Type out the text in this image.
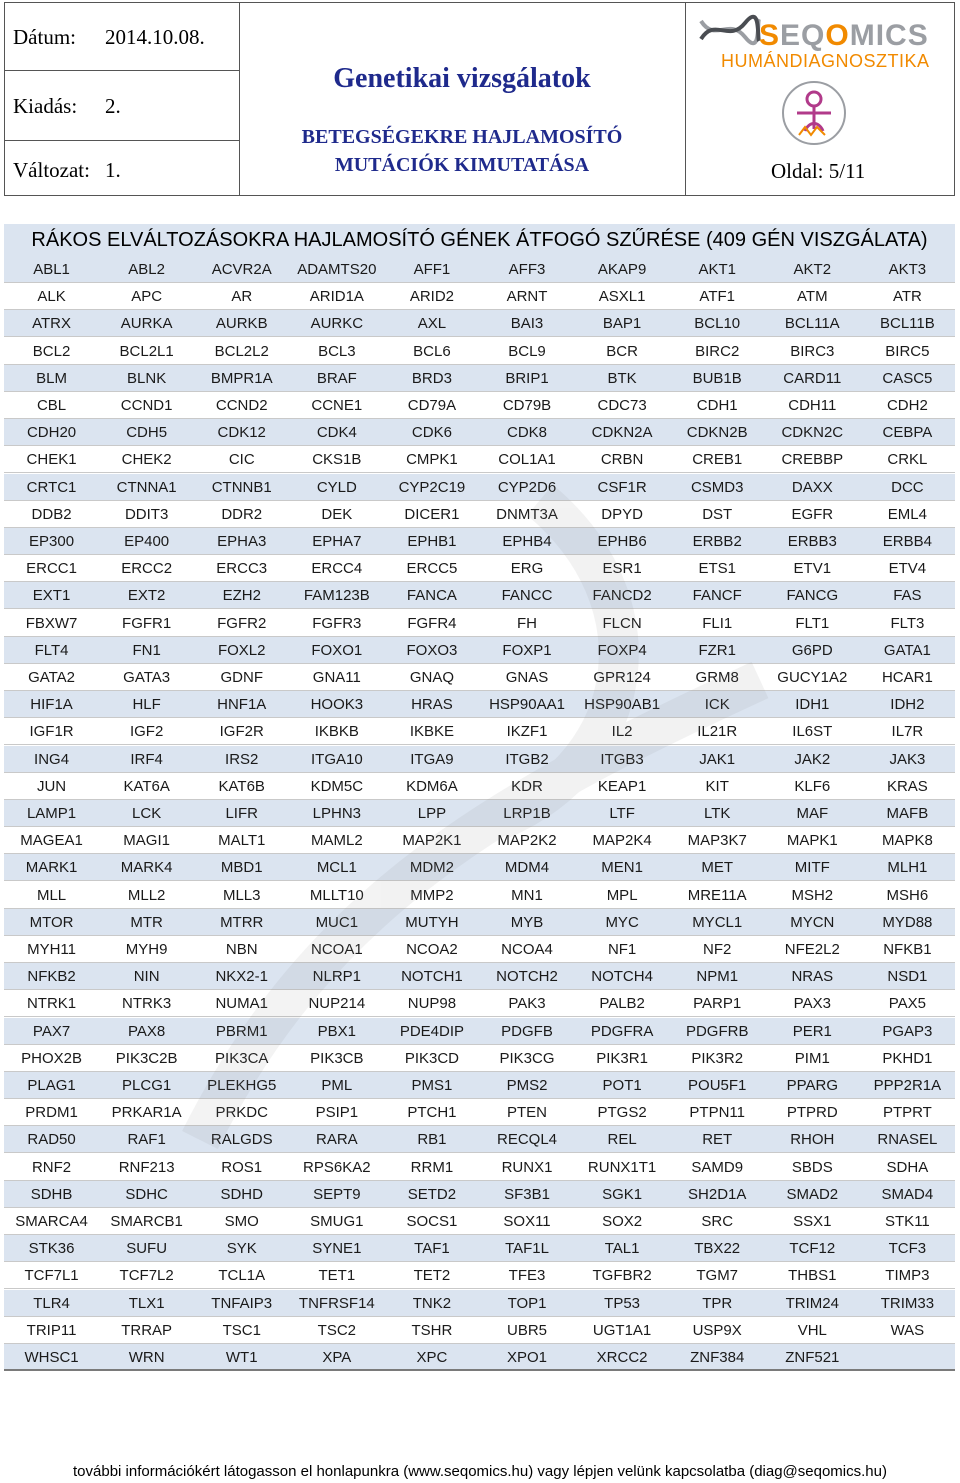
Dátum: 2014.10.08.
Kiadás: 2.
Változat: 1.
Genetikai vizsgálatok
BETEGSÉGEKRE HAJLAMOSÍTÓ
MUTÁCIÓK KIMUTATÁSA
SEQOMICS
HUMÁNDIAGNOSZTIKA
Oldal: 5/11
RÁKOS ELVÁLTOZÁSOKRA HAJLAMOSÍTÓ GÉNEK ÁTFOGÓ SZŰRÉSE (409 GÉN VISZGÁLATA)
ABL1	ABL2	ACVR2A	ADAMTS20	AFF1	AFF3	AKAP9	AKT1	AKT2	AKT3
ALK	APC	AR	ARID1A	ARID2	ARNT	ASXL1	ATF1	ATM	ATR
ATRX	AURKA	AURKB	AURKC	AXL	BAI3	BAP1	BCL10	BCL11A	BCL11B
BCL2	BCL2L1	BCL2L2	BCL3	BCL6	BCL9	BCR	BIRC2	BIRC3	BIRC5
BLM	BLNK	BMPR1A	BRAF	BRD3	BRIP1	BTK	BUB1B	CARD11	CASC5
CBL	CCND1	CCND2	CCNE1	CD79A	CD79B	CDC73	CDH1	CDH11	CDH2
CDH20	CDH5	CDK12	CDK4	CDK6	CDK8	CDKN2A	CDKN2B	CDKN2C	CEBPA
CHEK1	CHEK2	CIC	CKS1B	CMPK1	COL1A1	CRBN	CREB1	CREBBP	CRKL
CRTC1	CTNNA1	CTNNB1	CYLD	CYP2C19	CYP2D6	CSF1R	CSMD3	DAXX	DCC
DDB2	DDIT3	DDR2	DEK	DICER1	DNMT3A	DPYD	DST	EGFR	EML4
EP300	EP400	EPHA3	EPHA7	EPHB1	EPHB4	EPHB6	ERBB2	ERBB3	ERBB4
ERCC1	ERCC2	ERCC3	ERCC4	ERCC5	ERG	ESR1	ETS1	ETV1	ETV4
EXT1	EXT2	EZH2	FAM123B	FANCA	FANCC	FANCD2	FANCF	FANCG	FAS
FBXW7	FGFR1	FGFR2	FGFR3	FGFR4	FH	FLCN	FLI1	FLT1	FLT3
FLT4	FN1	FOXL2	FOXO1	FOXO3	FOXP1	FOXP4	FZR1	G6PD	GATA1
GATA2	GATA3	GDNF	GNA11	GNAQ	GNAS	GPR124	GRM8	GUCY1A2	HCAR1
HIF1A	HLF	HNF1A	HOOK3	HRAS	HSP90AA1	HSP90AB1	ICK	IDH1	IDH2
IGF1R	IGF2	IGF2R	IKBKB	IKBKE	IKZF1	IL2	IL21R	IL6ST	IL7R
ING4	IRF4	IRS2	ITGA10	ITGA9	ITGB2	ITGB3	JAK1	JAK2	JAK3
JUN	KAT6A	KAT6B	KDM5C	KDM6A	KDR	KEAP1	KIT	KLF6	KRAS
LAMP1	LCK	LIFR	LPHN3	LPP	LRP1B	LTF	LTK	MAF	MAFB
MAGEA1	MAGI1	MALT1	MAML2	MAP2K1	MAP2K2	MAP2K4	MAP3K7	MAPK1	MAPK8
MARK1	MARK4	MBD1	MCL1	MDM2	MDM4	MEN1	MET	MITF	MLH1
MLL	MLL2	MLL3	MLLT10	MMP2	MN1	MPL	MRE11A	MSH2	MSH6
MTOR	MTR	MTRR	MUC1	MUTYH	MYB	MYC	MYCL1	MYCN	MYD88
MYH11	MYH9	NBN	NCOA1	NCOA2	NCOA4	NF1	NF2	NFE2L2	NFKB1
NFKB2	NIN	NKX2-1	NLRP1	NOTCH1	NOTCH2	NOTCH4	NPM1	NRAS	NSD1
NTRK1	NTRK3	NUMA1	NUP214	NUP98	PAK3	PALB2	PARP1	PAX3	PAX5
PAX7	PAX8	PBRM1	PBX1	PDE4DIP	PDGFB	PDGFRA	PDGFRB	PER1	PGAP3
PHOX2B	PIK3C2B	PIK3CA	PIK3CB	PIK3CD	PIK3CG	PIK3R1	PIK3R2	PIM1	PKHD1
PLAG1	PLCG1	PLEKHG5	PML	PMS1	PMS2	POT1	POU5F1	PPARG	PPP2R1A
PRDM1	PRKAR1A	PRKDC	PSIP1	PTCH1	PTEN	PTGS2	PTPN11	PTPRD	PTPRT
RAD50	RAF1	RALGDS	RARA	RB1	RECQL4	REL	RET	RHOH	RNASEL
RNF2	RNF213	ROS1	RPS6KA2	RRM1	RUNX1	RUNX1T1	SAMD9	SBDS	SDHA
SDHB	SDHC	SDHD	SEPT9	SETD2	SF3B1	SGK1	SH2D1A	SMAD2	SMAD4
SMARCA4	SMARCB1	SMO	SMUG1	SOCS1	SOX11	SOX2	SRC	SSX1	STK11
STK36	SUFU	SYK	SYNE1	TAF1	TAF1L	TAL1	TBX22	TCF12	TCF3
TCF7L1	TCF7L2	TCL1A	TET1	TET2	TFE3	TGFBR2	TGM7	THBS1	TIMP3
TLR4	TLX1	TNFAIP3	TNFRSF14	TNK2	TOP1	TP53	TPR	TRIM24	TRIM33
TRIP11	TRRAP	TSC1	TSC2	TSHR	UBR5	UGT1A1	USP9X	VHL	WAS
WHSC1	WRN	WT1	XPA	XPC	XPO1	XRCC2	ZNF384	ZNF521
további információkért látogasson el honlapunkra (www.seqomics.hu) vagy lépjen velünk kapcsolatba (diag@seqomics.hu)
